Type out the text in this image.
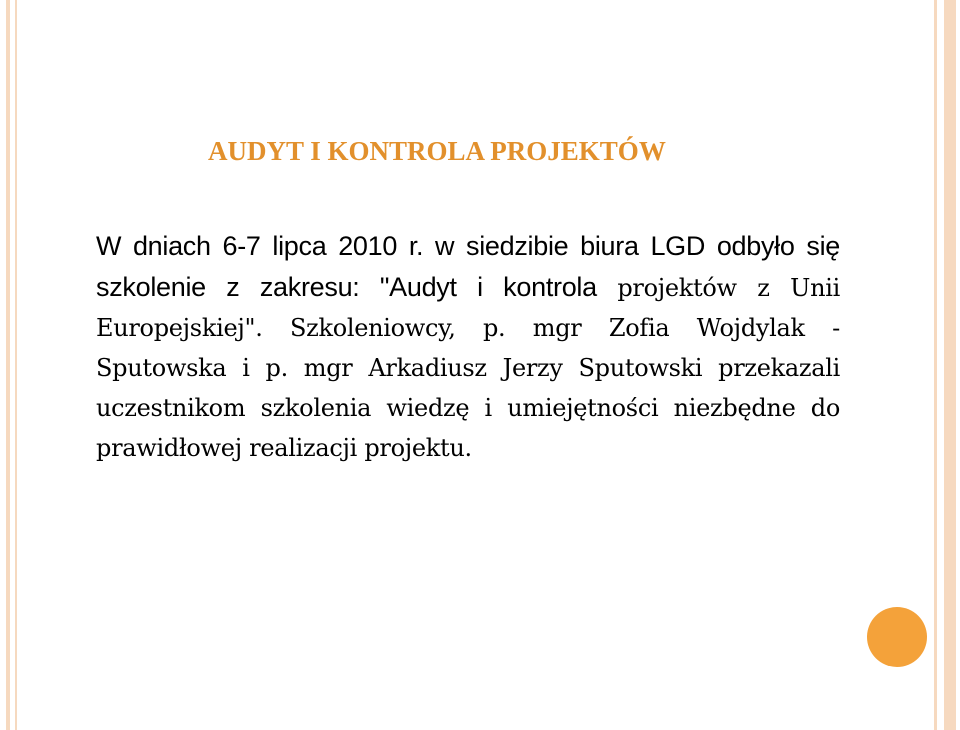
AUDYT I KONTROLA PROJEKTÓW

W dniach 6-7 lipca 2010 r. w siedzibie biura LGD odbyło się szkolenie z zakresu: "Audyt i kontrola projektów z Unii Europejskiej". Szkoleniowcy, p. mgr Zofia Wojdylak - Sputowska i p. mgr Arkadiusz Jerzy Sputowski przekazali uczestnikom szkolenia wiedzę i umiejętności niezbędne do prawidłowej realizacji projektu.
